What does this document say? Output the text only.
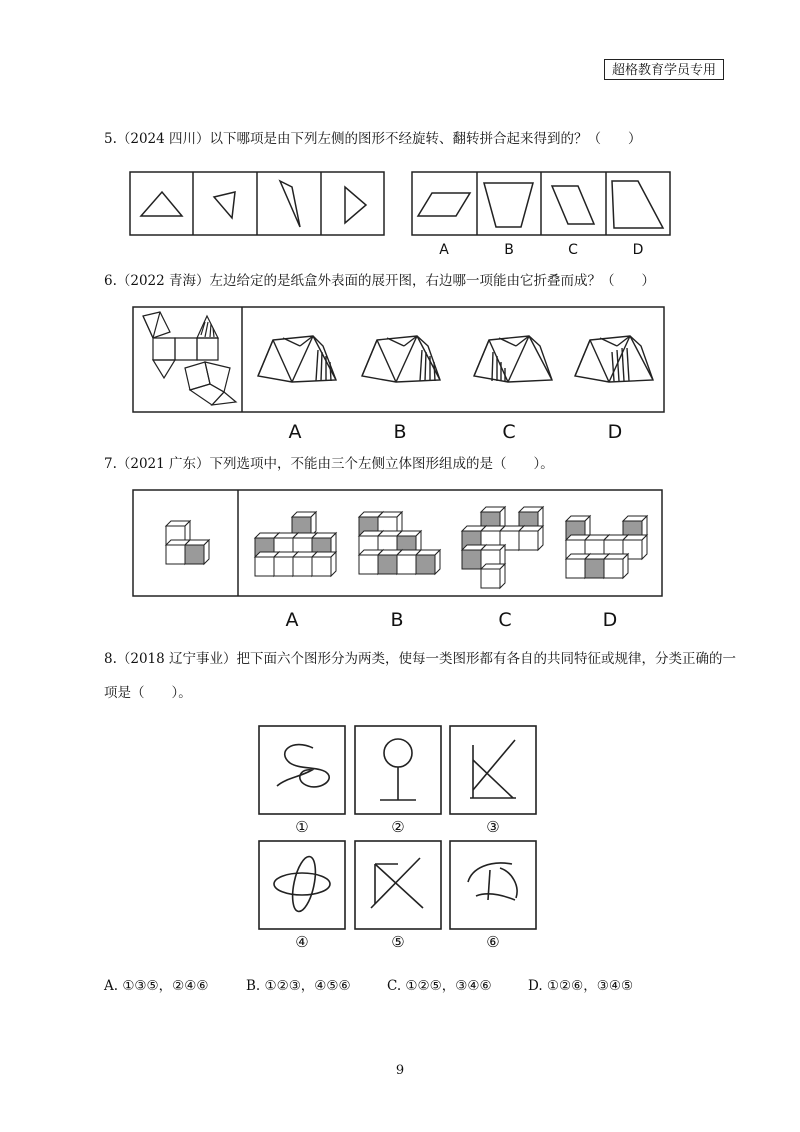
超格教育学员专用
5.（2024 四川）以下哪项是由下列左侧的图形不经旋转、翻转拼合起来得到的？（　　）
A	B	C	D
6.（2022 青海）左边给定的是纸盒外表面的展开图，右边哪一项能由它折叠而成？（　　）
A	B	C	D
7.（2021 广东）下列选项中，不能由三个左侧立体图形组成的是（　　）。
A	B	C	D
8.（2018 辽宁事业）把下面六个图形分为两类，使每一类图形都有各自的共同特征或规律，分类正确的一
项是（　　）。
①	②	③
④	⑤	⑥
A. ①③⑤，②④⑥	B. ①②③，④⑤⑥	C. ①②⑤，③④⑥	D. ①②⑥，③④⑤
9
